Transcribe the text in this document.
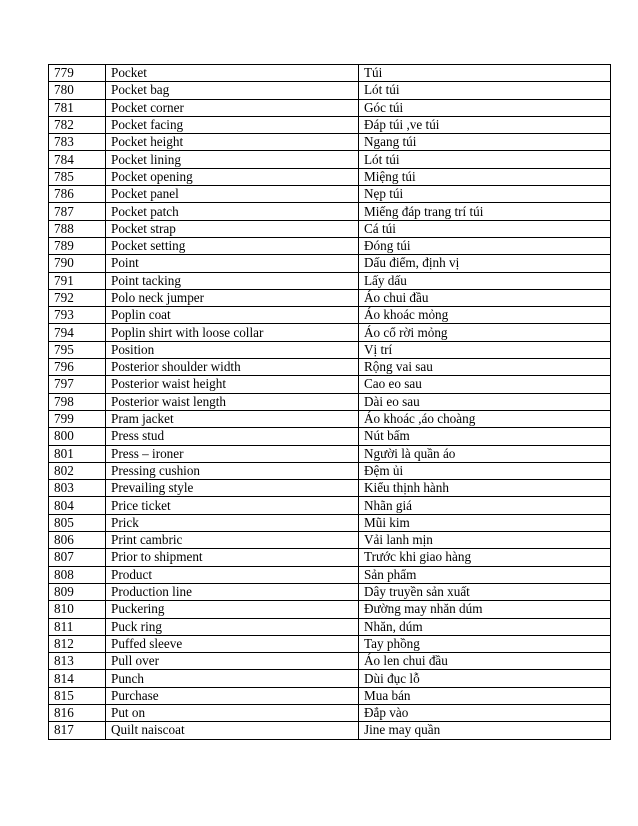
779	Pocket	Túi
780	Pocket bag	Lót túi
781	Pocket corner	Góc túi
782	Pocket facing	Đáp túi ,ve túi
783	Pocket height	Ngang túi
784	Pocket lining	Lót túi
785	Pocket opening	Miệng túi
786	Pocket panel	Nẹp túi
787	Pocket patch	Miếng đáp trang trí túi
788	Pocket strap	Cá túi
789	Pocket setting	Đóng túi
790	Point	Dấu điểm, định vị
791	Point tacking	Lấy dấu
792	Polo neck jumper	Áo chui đầu
793	Poplin coat	Áo khoác mỏng
794	Poplin shirt with loose collar	Áo cổ rời mỏng
795	Position	Vị trí
796	Posterior shoulder width	Rộng vai sau
797	Posterior waist height	Cao eo sau
798	Posterior waist length	Dài eo sau
799	Pram jacket	Áo khoác ,áo choàng
800	Press stud	Nút bấm
801	Press – ironer	Người là quần áo
802	Pressing cushion	Đệm ủi
803	Prevailing style	Kiểu thịnh hành
804	Price ticket	Nhãn giá
805	Prick	Mũi kim
806	Print cambric	Vải lanh mịn
807	Prior to shipment	Trước khi giao hàng
808	Product	Sản phẩm
809	Production line	Dây truyền sản xuất
810	Puckering	Đường may nhăn dúm
811	Puck ring	Nhăn, dúm
812	Puffed sleeve	Tay phồng
813	Pull over	Áo len chui đầu
814	Punch	Dùi đục lỗ
815	Purchase	Mua bán
816	Put on	Đắp vào
817	Quilt naiscoat	Jine may quần
